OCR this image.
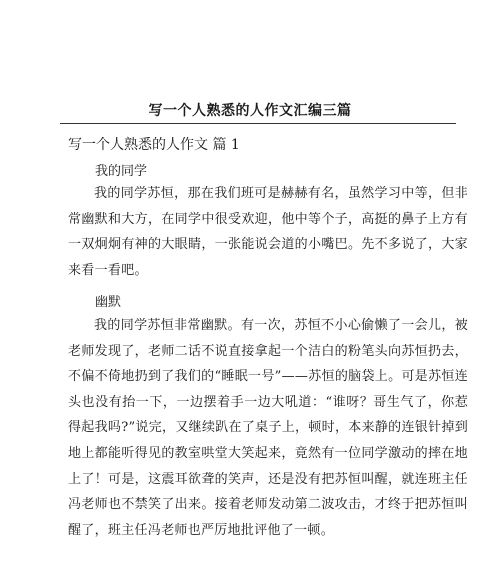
写一个人熟悉的人作文汇编三篇
写一个人熟悉的人作文 篇 1
我的同学

我的同学苏恒，那在我们班可是赫赫有名，虽然学习中等，但非常幽默和大方，在同学中很受欢迎，他中等个子，高挺的鼻子上方有一双炯炯有神的大眼睛，一张能说会道的小嘴巴。先不多说了，大家来看一看吧。

幽默

我的同学苏恒非常幽默。有一次，苏恒不小心偷懒了一会儿，被老师发现了，老师二话不说直接拿起一个洁白的粉笔头向苏恒扔去，不偏不倚地扔到了我们的“睡眠一号”——苏恒的脑袋上。可是苏恒连头也没有抬一下，一边摆着手一边大吼道：“谁呀？哥生气了，你惹得起我吗?”说完，又继续趴在了桌子上，顿时，本来静的连银针掉到地上都能听得见的教室哄堂大笑起来，竟然有一位同学激动的摔在地上了！可是，这震耳欲聋的笑声，还是没有把苏恒叫醒，就连班主任冯老师也不禁笑了出来。接着老师发动第二波攻击，才终于把苏恒叫醒了，班主任冯老师也严厉地批评他了一顿。
